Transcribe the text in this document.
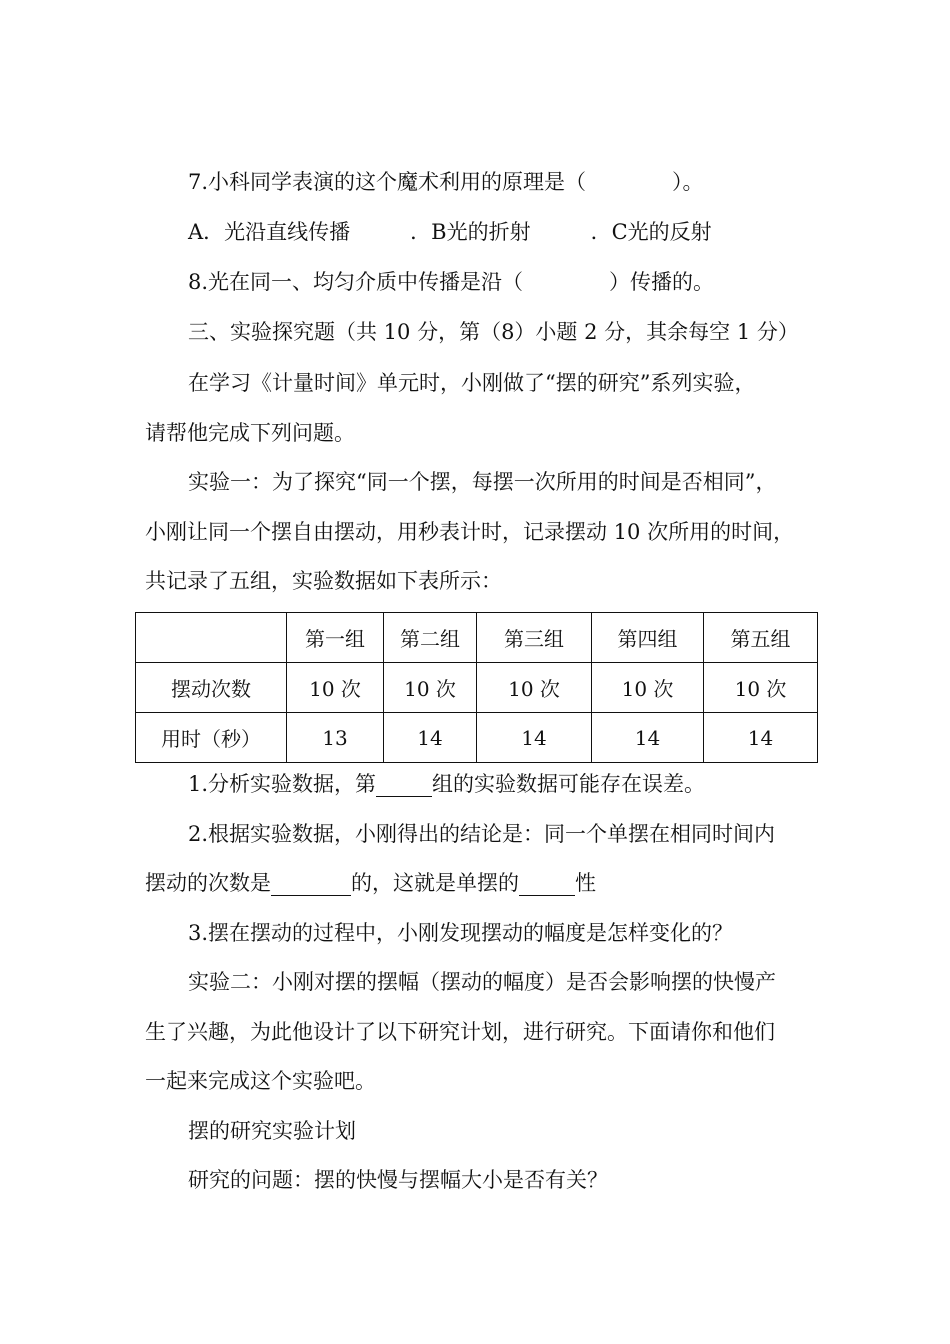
7.小科同学表演的这个魔术利用的原理是（	）。
A．光沿直线传播	．B光的折射	．C光的反射
8.光在同一、均匀介质中传播是沿（	）传播的。
三、实验探究题（共 10 分，第（8）小题 2 分，其余每空 1 分）
在学习《计量时间》单元时，小刚做了“摆的研究”系列实验，
请帮他完成下列问题。
实验一：为了探究“同一个摆，每摆一次所用的时间是否相同”，
小刚让同一个摆自由摆动，用秒表计时，记录摆动 10 次所用的时间，
共记录了五组，实验数据如下表所示：
	第一组	第二组	第三组	第四组	第五组
摆动次数	10 次	10 次	10 次	10 次	10 次
用时（秒）	13	14	14	14	14
1.分析实验数据，第	组的实验数据可能存在误差。
2.根据实验数据，小刚得出的结论是：同一个单摆在相同时间内
摆动的次数是	的，这就是单摆的	性
3.摆在摆动的过程中，小刚发现摆动的幅度是怎样变化的？
实验二：小刚对摆的摆幅（摆动的幅度）是否会影响摆的快慢产
生了兴趣，为此他设计了以下研究计划，进行研究。下面请你和他们
一起来完成这个实验吧。
摆的研究实验计划
研究的问题：摆的快慢与摆幅大小是否有关？
